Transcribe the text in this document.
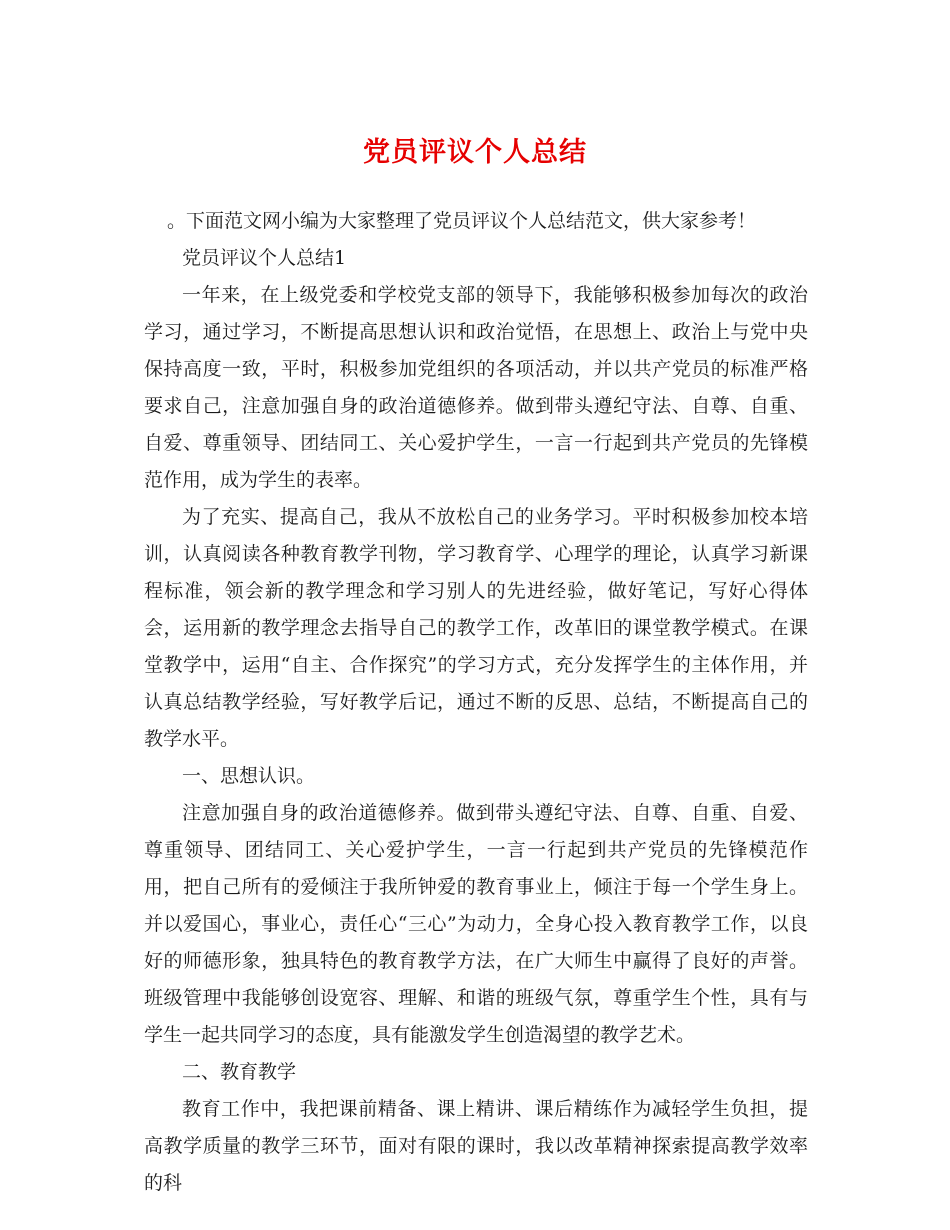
党员评议个人总结

。下面范文网小编为大家整理了党员评议个人总结范文，供大家参考！

党员评议个人总结1

一年来，在上级党委和学校党支部的领导下，我能够积极参加每次的政治学习，通过学习，不断提高思想认识和政治觉悟，在思想上、政治上与党中央保持高度一致，平时，积极参加党组织的各项活动，并以共产党员的标准严格要求自己，注意加强自身的政治道德修养。做到带头遵纪守法、自尊、自重、自爱、尊重领导、团结同工、关心爱护学生，一言一行起到共产党员的先锋模范作用，成为学生的表率。

为了充实、提高自己，我从不放松自己的业务学习。平时积极参加校本培训，认真阅读各种教育教学刊物，学习教育学、心理学的理论，认真学习新课程标准，领会新的教学理念和学习别人的先进经验，做好笔记，写好心得体会，运用新的教学理念去指导自己的教学工作，改革旧的课堂教学模式。在课堂教学中，运用“自主、合作探究”的学习方式，充分发挥学生的主体作用，并认真总结教学经验，写好教学后记，通过不断的反思、总结，不断提高自己的教学水平。

一、思想认识。

注意加强自身的政治道德修养。做到带头遵纪守法、自尊、自重、自爱、尊重领导、团结同工、关心爱护学生，一言一行起到共产党员的先锋模范作用，把自己所有的爱倾注于我所钟爱的教育事业上，倾注于每一个学生身上。并以爱国心，事业心，责任心“三心”为动力，全身心投入教育教学工作，以良好的师德形象，独具特色的教育教学方法，在广大师生中赢得了良好的声誉。班级管理中我能够创设宽容、理解、和谐的班级气氛，尊重学生个性，具有与学生一起共同学习的态度，具有能激发学生创造渴望的教学艺术。

二、教育教学

教育工作中，我把课前精备、课上精讲、课后精练作为减轻学生负担，提高教学质量的教学三环节，面对有限的课时，我以改革精神探索提高教学效率的科
